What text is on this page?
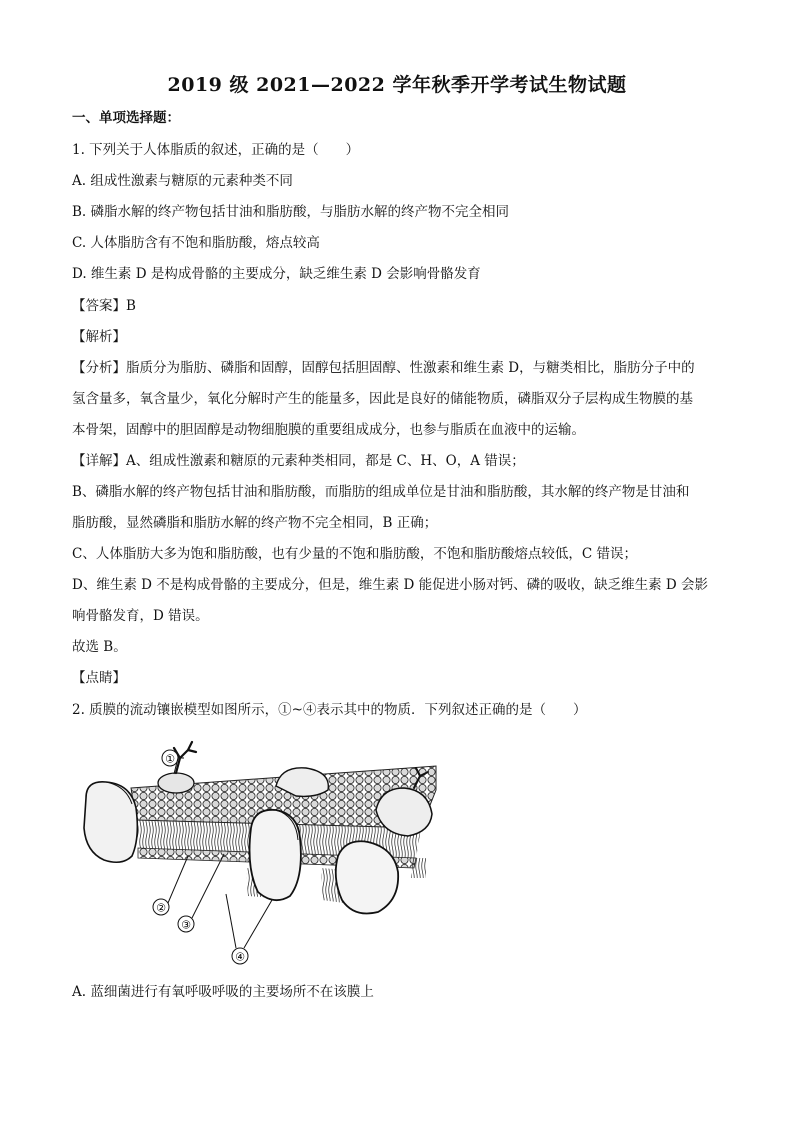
2019 级 2021—2022 学年秋季开学考试生物试题
一、单项选择题：
1. 下列关于人体脂质的叙述，正确的是（　　）
A. 组成性激素与糖原的元素种类不同
B. 磷脂水解的终产物包括甘油和脂肪酸，与脂肪水解的终产物不完全相同
C. 人体脂肪含有不饱和脂肪酸，熔点较高
D. 维生素 D 是构成骨骼的主要成分，缺乏维生素 D 会影响骨骼发育
【答案】B
【解析】
【分析】脂质分为脂肪、磷脂和固醇，固醇包括胆固醇、性激素和维生素 D，与糖类相比，脂肪分子中的
氢含量多，氧含量少，氧化分解时产生的能量多，因此是良好的储能物质，磷脂双分子层构成生物膜的基
本骨架，固醇中的胆固醇是动物细胞膜的重要组成成分，也参与脂质在血液中的运输。
【详解】A、组成性激素和糖原的元素种类相同，都是 C、H、O，A 错误；
B、磷脂水解的终产物包括甘油和脂肪酸，而脂肪的组成单位是甘油和脂肪酸，其水解的终产物是甘油和
脂肪酸，显然磷脂和脂肪水解的终产物不完全相同，B 正确；
C、人体脂肪大多为饱和脂肪酸，也有少量的不饱和脂肪酸，不饱和脂肪酸熔点较低，C 错误；
D、维生素 D 不是构成骨骼的主要成分，但是，维生素 D 能促进小肠对钙、磷的吸收，缺乏维生素 D 会影
响骨骼发育，D 错误。
故选 B。
【点睛】
2. 质膜的流动镶嵌模型如图所示，①~④表示其中的物质．下列叙述正确的是（　　）
①
②
③
④
A. 蓝细菌进行有氧呼吸呼吸的主要场所不在该膜上
